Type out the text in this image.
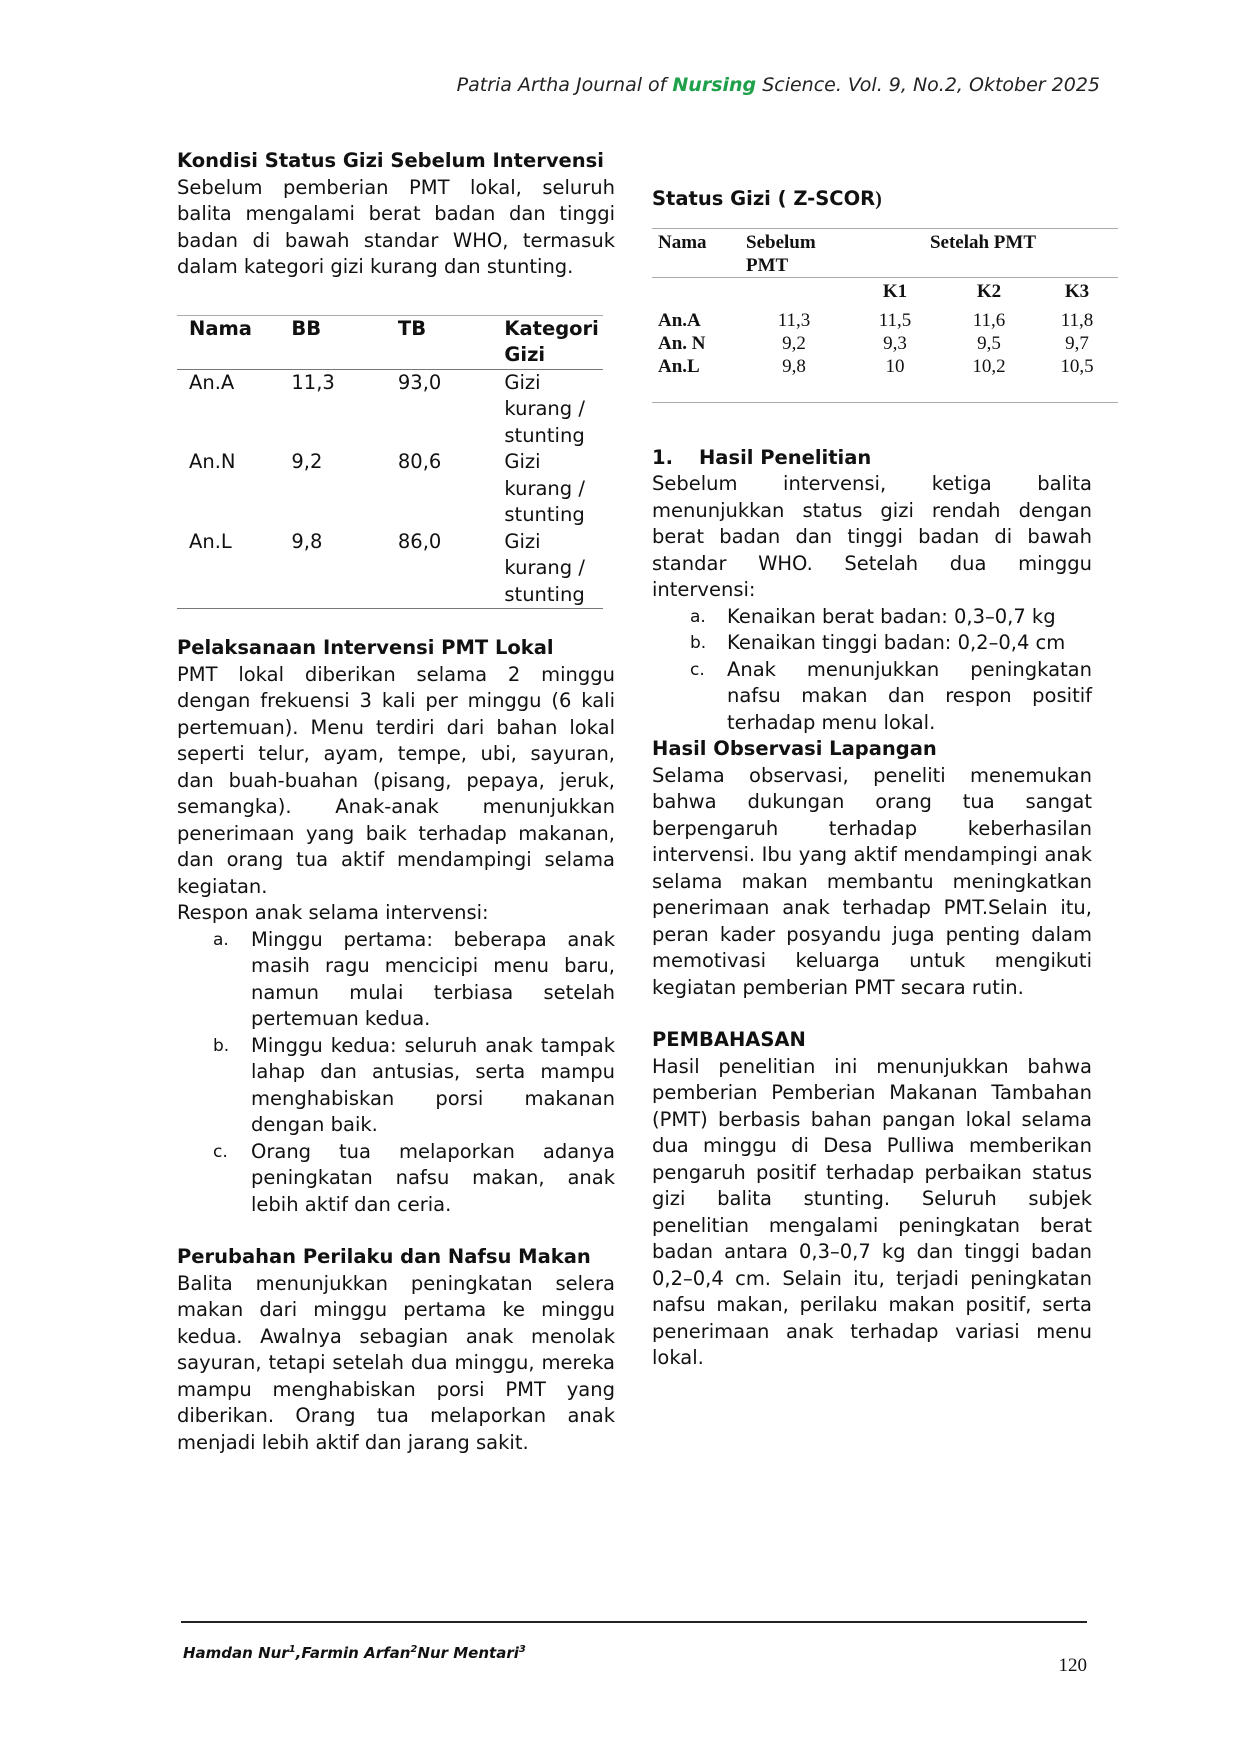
Patria Artha Journal of Nursing Science. Vol. 9, No.2, Oktober 2025

Kondisi Status Gizi Sebelum Intervensi

Sebelum pemberian PMT lokal, seluruh balita mengalami berat badan dan tinggi badan di bawah standar WHO, termasuk dalam kategori gizi kurang dan stunting.

Nama	BB	TB	Kategori Gizi
An.A	11,3	93,0	Gizi kurang / stunting
An.N	9,2	80,6	Gizi kurang / stunting
An.L	9,8	86,0	Gizi kurang / stunting

Pelaksanaan Intervensi PMT Lokal

PMT lokal diberikan selama 2 minggu dengan frekuensi 3 kali per minggu (6 kali pertemuan). Menu terdiri dari bahan lokal seperti telur, ayam, tempe, ubi, sayuran, dan buah-buahan (pisang, pepaya, jeruk, semangka). Anak-anak menunjukkan penerimaan yang baik terhadap makanan, dan orang tua aktif mendampingi selama kegiatan.

Respon anak selama intervensi:

a.	Minggu pertama: beberapa anak masih ragu mencicipi menu baru, namun mulai terbiasa setelah pertemuan kedua.
b.	Minggu kedua: seluruh anak tampak lahap dan antusias, serta mampu menghabiskan porsi makanan dengan baik.
c.	Orang tua melaporkan adanya peningkatan nafsu makan, anak lebih aktif dan ceria.

Perubahan Perilaku dan Nafsu Makan

Balita menunjukkan peningkatan selera makan dari minggu pertama ke minggu kedua. Awalnya sebagian anak menolak sayuran, tetapi setelah dua minggu, mereka mampu menghabiskan porsi PMT yang diberikan. Orang tua melaporkan anak menjadi lebih aktif dan jarang sakit.

Status Gizi ( Z-SCOR)
Nama	Sebelum PMT	Setelah PMT		
		K1	K2	K3
An.A	11,3	11,5	11,6	11,8
An. N	9,2	9,3	9,5	9,7
An.L	9,8	10	10,2	10,5

1. Hasil Penelitian

Sebelum intervensi, ketiga balita menunjukkan status gizi rendah dengan berat badan dan tinggi badan di bawah standar WHO. Setelah dua minggu intervensi:

a.	Kenaikan berat badan: 0,3–0,7 kg
b.	Kenaikan tinggi badan: 0,2–0,4 cm
c.	Anak menunjukkan peningkatan nafsu makan dan respon positif terhadap menu lokal.

Hasil Observasi Lapangan

Selama observasi, peneliti menemukan bahwa dukungan orang tua sangat berpengaruh terhadap keberhasilan intervensi. Ibu yang aktif mendampingi anak selama makan membantu meningkatkan penerimaan anak terhadap PMT.Selain itu, peran kader posyandu juga penting dalam memotivasi keluarga untuk mengikuti kegiatan pemberian PMT secara rutin.

PEMBAHASAN

Hasil penelitian ini menunjukkan bahwa pemberian Pemberian Makanan Tambahan (PMT) berbasis bahan pangan lokal selama dua minggu di Desa Pulliwa memberikan pengaruh positif terhadap perbaikan status gizi balita stunting. Seluruh subjek penelitian mengalami peningkatan berat badan antara 0,3–0,7 kg dan tinggi badan 0,2–0,4 cm. Selain itu, terjadi peningkatan nafsu makan, perilaku makan positif, serta penerimaan anak terhadap variasi menu lokal.

Hamdan Nur$^1$,Farmin Arfan$^2$Nur Mentari$^3$
120
